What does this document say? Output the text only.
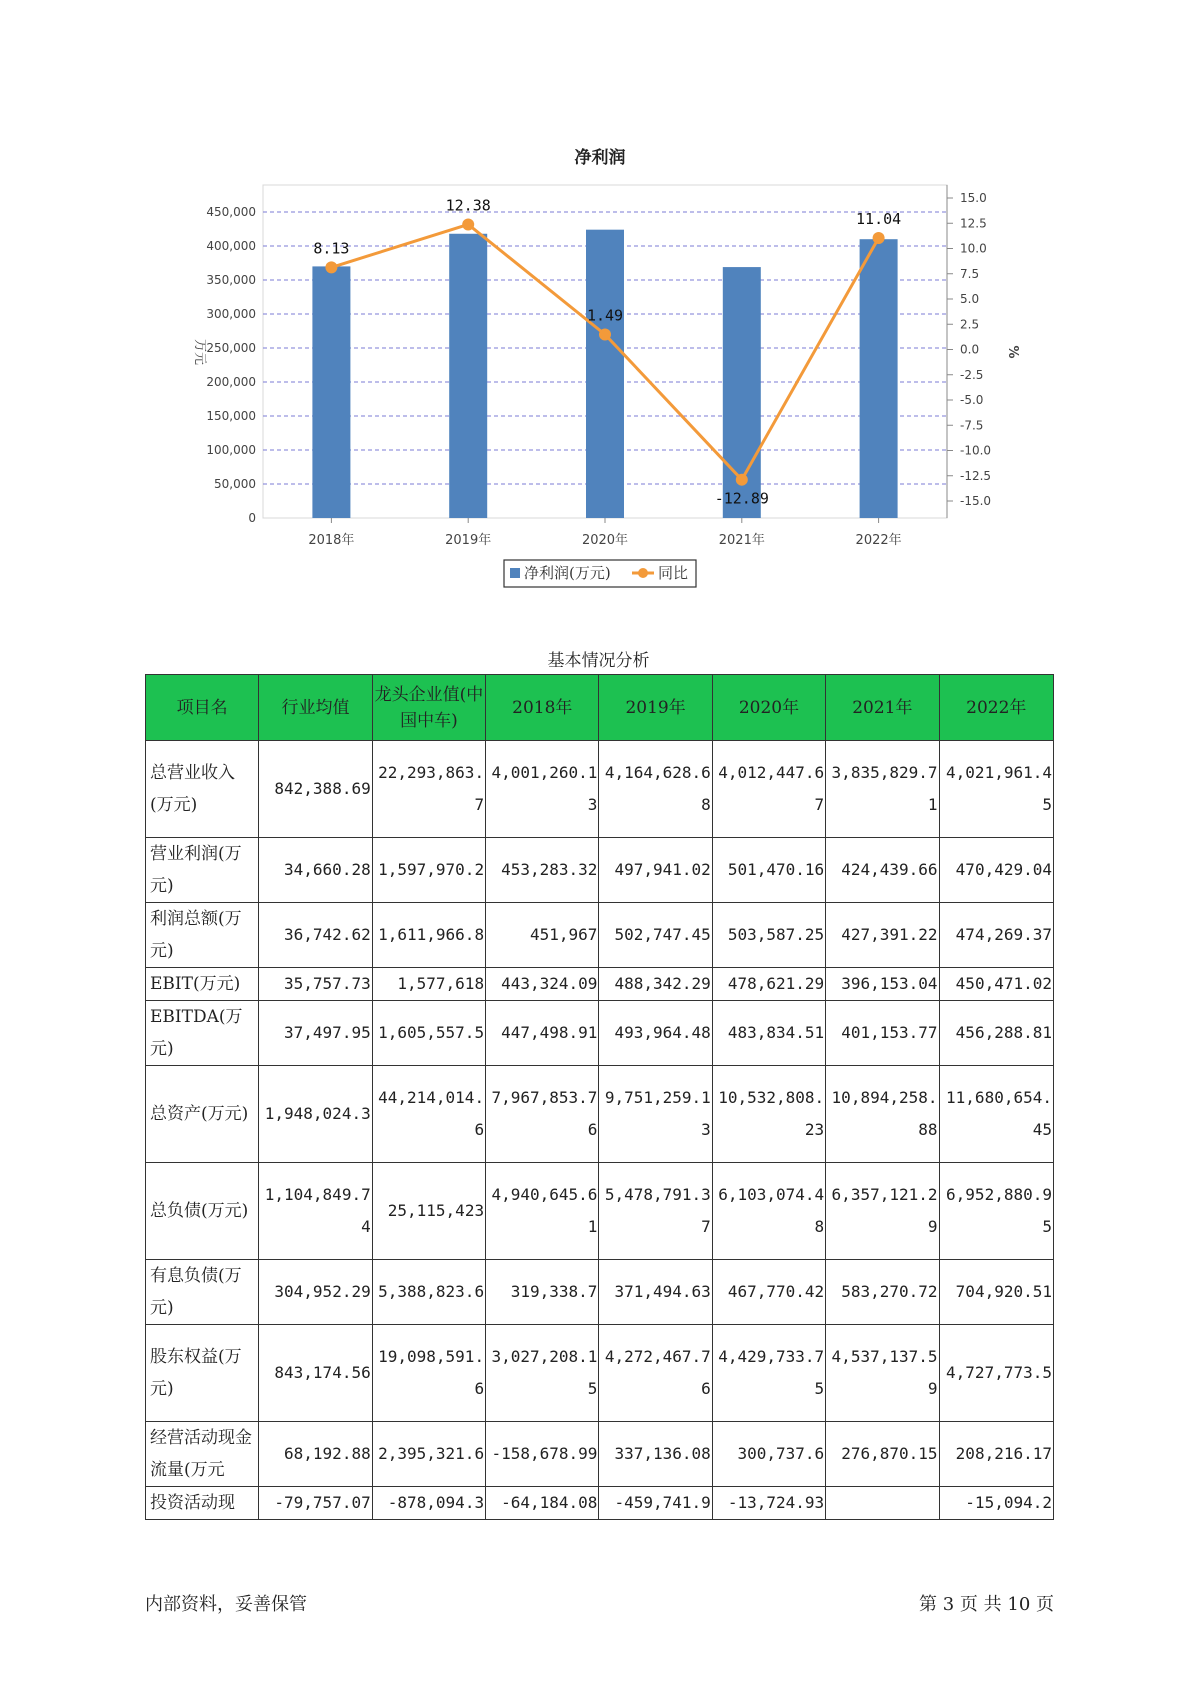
净利润
0
50,000
100,000
150,000
200,000
250,000
300,000
350,000
400,000
450,000
-15.0
-12.5
-10.0
-7.5
-5.0
-2.5
0.0
2.5
5.0
7.5
10.0
12.5
15.0
2018年	2019年	2020年	2021年	2022年
8.13
12.38
1.49
-12.89
11.04
万元	%
净利润(万元)	同比
基本情况分析
项目名	行业均值	龙头企业值(中国中车)	2018年	2019年	2020年	2021年	2022年
总营业收入(万元)	842,388.69	22,293,863.7	4,001,260.13	4,164,628.68	4,012,447.67	3,835,829.71	4,021,961.45
营业利润(万元)	34,660.28	1,597,970.2	453,283.32	497,941.02	501,470.16	424,439.66	470,429.04
利润总额(万元)	36,742.62	1,611,966.8	451,967	502,747.45	503,587.25	427,391.22	474,269.37
EBIT(万元)	35,757.73	1,577,618	443,324.09	488,342.29	478,621.29	396,153.04	450,471.02
EBITDA(万元)	37,497.95	1,605,557.5	447,498.91	493,964.48	483,834.51	401,153.77	456,288.81
总资产(万元)	1,948,024.3	44,214,014.6	7,967,853.76	9,751,259.13	10,532,808.23	10,894,258.88	11,680,654.45
总负债(万元)	1,104,849.74	25,115,423	4,940,645.61	5,478,791.37	6,103,074.48	6,357,121.29	6,952,880.95
有息负债(万元)	304,952.29	5,388,823.6	319,338.7	371,494.63	467,770.42	583,270.72	704,920.51
股东权益(万元)	843,174.56	19,098,591.6	3,027,208.15	4,272,467.76	4,429,733.75	4,537,137.59	4,727,773.5
经营活动现金流量(万元	68,192.88	2,395,321.6	-158,678.99	337,136.08	300,737.6	276,870.15	208,216.17
投资活动现	-79,757.07	-878,094.3	-64,184.08	-459,741.9	-13,724.93		-15,094.2
内部资料，妥善保管	第 3 页 共 10 页
